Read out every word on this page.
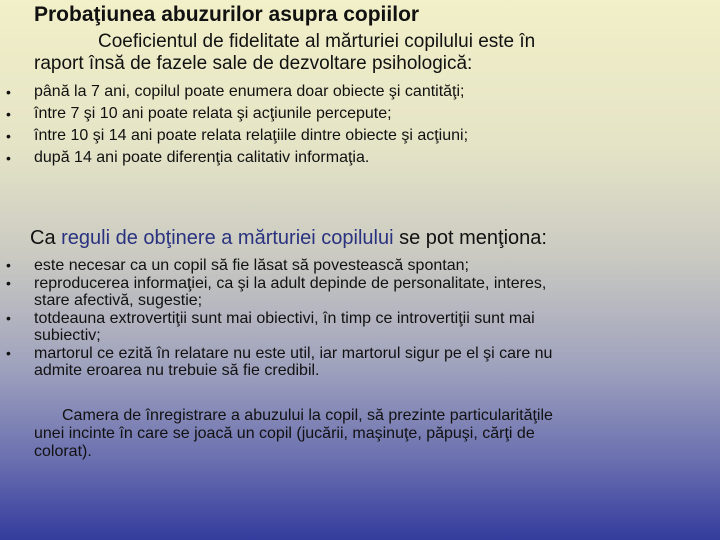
Probaţiunea abuzurilor asupra copiilor
Coeficientul de fidelitate al mărturiei copilului este în
raport însă de fazele sale de dezvoltare psihologică:
• până la 7 ani, copilul poate enumera doar obiecte şi cantităţi;
• între 7 şi 10 ani poate relata şi acţiunile percepute;
• între 10 şi 14 ani poate relata relaţiile dintre obiecte şi acţiuni;
• după 14 ani poate diferenţia calitativ informaţia.
Ca reguli de obţinere a mărturiei copilului se pot menţiona:
• este necesar ca un copil să fie lăsat să povestească spontan;
• reproducerea informaţiei, ca şi la adult depinde de personalitate, interes,
stare afectivă, sugestie;
• totdeauna extrovertiţii sunt mai obiectivi, în timp ce introvertiţii sunt mai
subiectiv;
• martorul ce ezită în relatare nu este util, iar martorul sigur pe el şi care nu
admite eroarea nu trebuie să fie credibil.
Camera de înregistrare a abuzului la copil, să prezinte particularităţile
unei incinte în care se joacă un copil (jucării, maşinuţe, păpuşi, cărţi de
colorat).
